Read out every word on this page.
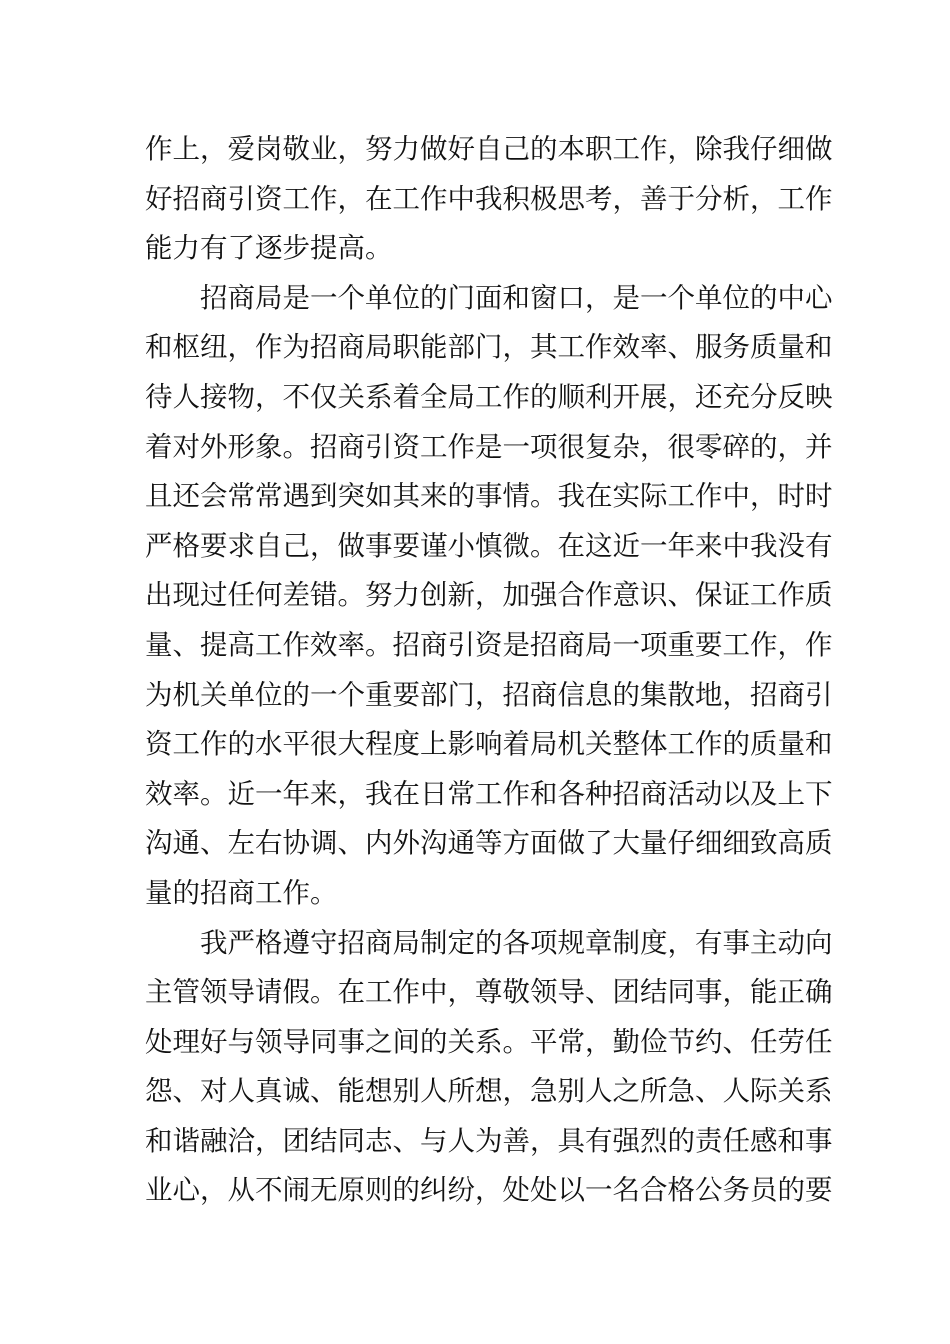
作上，爱岗敬业，努力做好自己的本职工作，除我仔细做
好招商引资工作，在工作中我积极思考，善于分析，工作
能力有了逐步提高。
招商局是一个单位的门面和窗口，是一个单位的中心
和枢纽，作为招商局职能部门，其工作效率、服务质量和
待人接物，不仅关系着全局工作的顺利开展，还充分反映
着对外形象。招商引资工作是一项很复杂，很零碎的，并
且还会常常遇到突如其来的事情。我在实际工作中，时时
严格要求自己，做事要谨小慎微。在这近一年来中我没有
出现过任何差错。努力创新，加强合作意识、保证工作质
量、提高工作效率。招商引资是招商局一项重要工作，作
为机关单位的一个重要部门，招商信息的集散地，招商引
资工作的水平很大程度上影响着局机关整体工作的质量和
效率。近一年来，我在日常工作和各种招商活动以及上下
沟通、左右协调、内外沟通等方面做了大量仔细细致高质
量的招商工作。
我严格遵守招商局制定的各项规章制度，有事主动向
主管领导请假。在工作中，尊敬领导、团结同事，能正确
处理好与领导同事之间的关系。平常，勤俭节约、任劳任
怨、对人真诚、能想别人所想，急别人之所急、人际关系
和谐融洽，团结同志、与人为善，具有强烈的责任感和事
业心，从不闹无原则的纠纷，处处以一名合格公务员的要
